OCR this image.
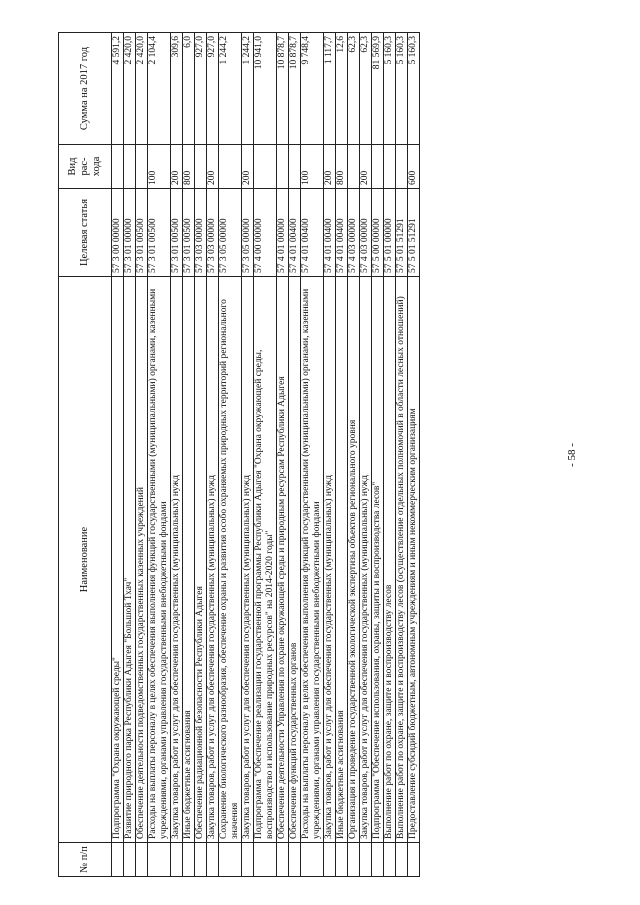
№ п/п	Наименование	Целевая статья	Вид рас- хода	Сумма на 2017 год
	Подпрограмма "Охрана окружающей среды"	57 3 00 00000		4 591,2
	Развитие природного парка Республики Адыгея "Большой Тхач"	57 3 01 00000		2 420,0
	Обеспечение деятельности подведомственных государственных казенных учреждений	57 3 01 00500		2 420,0
	Расходы на выплаты персоналу в целях обеспечения выполнения функций государственными (муниципальными) органами, казенными учреждениями, органами управления государственными внебюджетными фондами	57 3 01 00500	100	2 104,4
	Закупка товаров, работ и услуг для обеспечения государственных (муниципальных) нужд	57 3 01 00500	200	309,6
	Иные бюджетные ассигнования	57 3 01 00500	800	6,0
	Обеспечение радиационной безопасности Республики Адыгея	57 3 03 00000		927,0
	Закупка товаров, работ и услуг для обеспечения государственных (муниципальных) нужд	57 3 03 00000	200	927,0
	Сохранение биологического разнообразия, обеспечение охраны и развития особо охраняемых природных территорий регионального значения	57 3 05 00000		1 244,2
	Закупка товаров, работ и услуг для обеспечения государственных (муниципальных) нужд	57 3 05 00000	200	1 244,2
	Подпрограмма "Обеспечение реализации государственной программы Республики Адыгея "Охрана окружающей среды, воспроизводство и использование природных ресурсов" на 2014-2020 годы"	57 4 00 00000		10 941,0
	Обеспечение деятельности Управления по охране окружающей среды и природным ресурсам Республики Адыгея	57 4 01 00000		10 878,7
	Обеспечение функций государственных органов	57 4 01 00400		10 878,7
	Расходы на выплаты персоналу в целях обеспечения выполнения функций государственными (муниципальными) органами, казенными учреждениями, органами управления государственными внебюджетными фондами	57 4 01 00400	100	9 748,4
	Закупка товаров, работ и услуг для обеспечения государственных (муниципальных) нужд	57 4 01 00400	200	1 117,7
	Иные бюджетные ассигнования	57 4 01 00400	800	12,6
	Организация и проведение государственной экологической экспертизы объектов регионального уровня	57 4 03 00000		62,3
	Закупка товаров, работ и услуг для обеспечения государственных (муниципальных) нужд	57 4 03 00000	200	62,3
	Подпрограмма "Обеспечение использования, охраны, защиты и воспроизводства лесов"	57 5 00 00000		81 569,9
	Выполнение работ по охране, защите и воспроизводству лесов	57 5 01 00000		5 160,3
	Выполнение работ по охране, защите и воспроизводству лесов (осуществление отдельных полномочий в области лесных отношений)	57 5 01 51291		5 160,3
	Предоставление субсидий бюджетным, автономным учреждениям и иным некоммерческим организациям	57 5 01 51291	600	5 160,3
- 58 -
